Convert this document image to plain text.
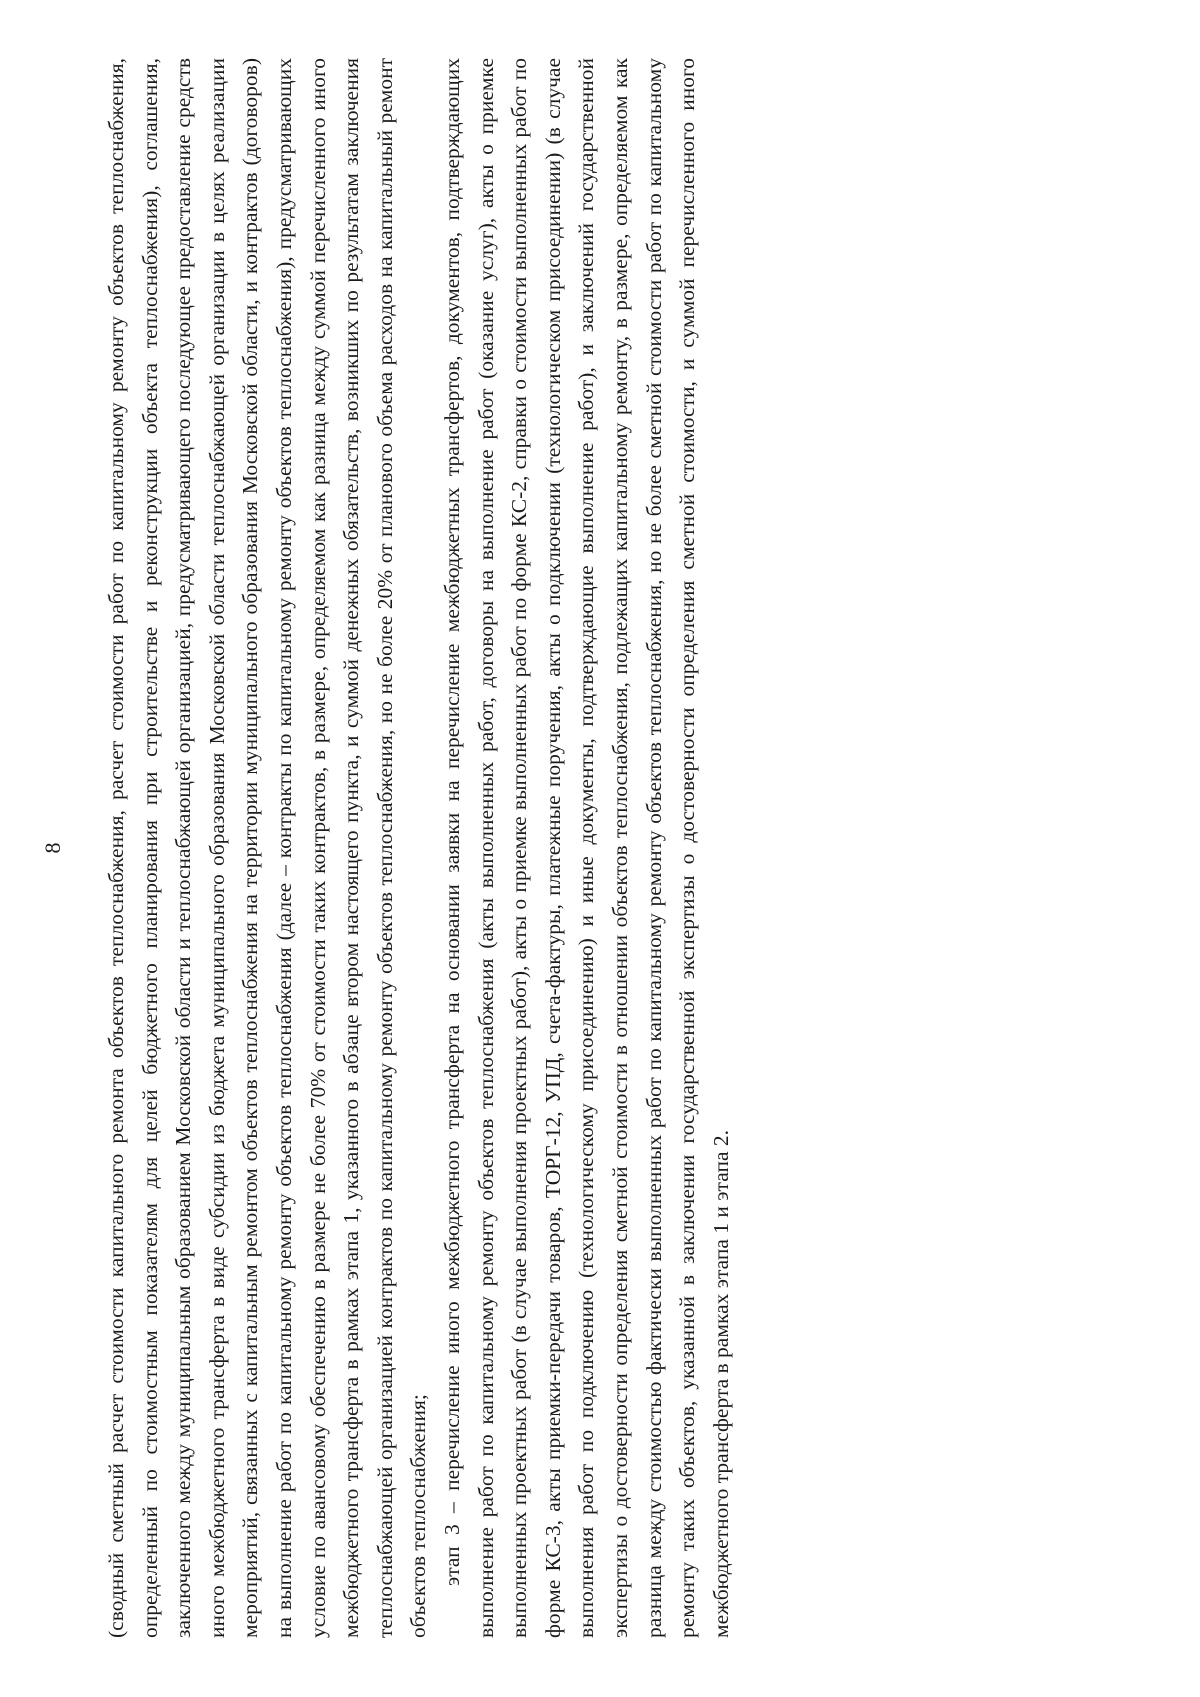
8 (сводный сметный расчет стоимости капитального ремонта объектов теплоснабжения, расчет стоимости работ по капитальному ремонту объектов теплоснабжения, определенный по стоимостным показателям для целей бюджетного планирования при строительстве и реконструкции объекта теплоснабжения), соглашения, заключенного между муниципальным образованием Московской области и теплоснабжающей организацией, предусматривающего последующее предоставление средств иного межбюджетного трансферта в виде субсидии из бюджета муниципального образования Московской области теплоснабжающей организации в целях реализации мероприятий, связанных с капитальным ремонтом объектов теплоснабжения на территории муниципального образования Московской области, и контрактов (договоров) на выполнение работ по капитальному ремонту объектов теплоснабжения (далее – контракты по капитальному ремонту объектов теплоснабжения), предусматривающих условие по авансовому обеспечению в размере не более 70% от стоимости таких контрактов, в размере, определяемом как разница между суммой перечисленного иного межбюджетного трансферта в рамках этапа 1, указанного в абзаце втором настоящего пункта, и суммой денежных обязательств, возникших по результатам заключения теплоснабжающей организацией контрактов по капитальному ремонту объектов теплоснабжения, но не более 20% от планового объема расходов на капитальный ремонт объектов теплоснабжения; этап 3 – перечисление иного межбюджетного трансферта на основании заявки на перечисление межбюджетных трансфертов, документов, подтверждающих выполнение работ по капитальному ремонту объектов теплоснабжения (акты выполненных работ, договоры на выполнение работ (оказание услуг), акты о приемке выполненных проектных работ (в случае выполнения проектных работ), акты о приемке выполненных работ по форме КС-2, справки о стоимости выполненных работ по форме КС-3, акты приемки-передачи товаров, ТОРГ-12, УПД, счета-фактуры, платежные поручения, акты о подключении (технологическом присоединении) (в случае выполнения работ по подключению (технологическому присоединению) и иные документы, подтверждающие выполнение работ), и заключений государственной экспертизы о достоверности определения сметной стоимости в отношении объектов теплоснабжения, подлежащих капитальному ремонту, в размере, определяемом как разница между стоимостью фактически выполненных работ по капитальному ремонту объектов теплоснабжения, но не более сметной стоимости работ по капитальному ремонту таких объектов, указанной в заключении государственной экспертизы о достоверности определения сметной стоимости, и суммой перечисленного иного межбюджетного трансферта в рамках этапа 1 и этапа 2.
